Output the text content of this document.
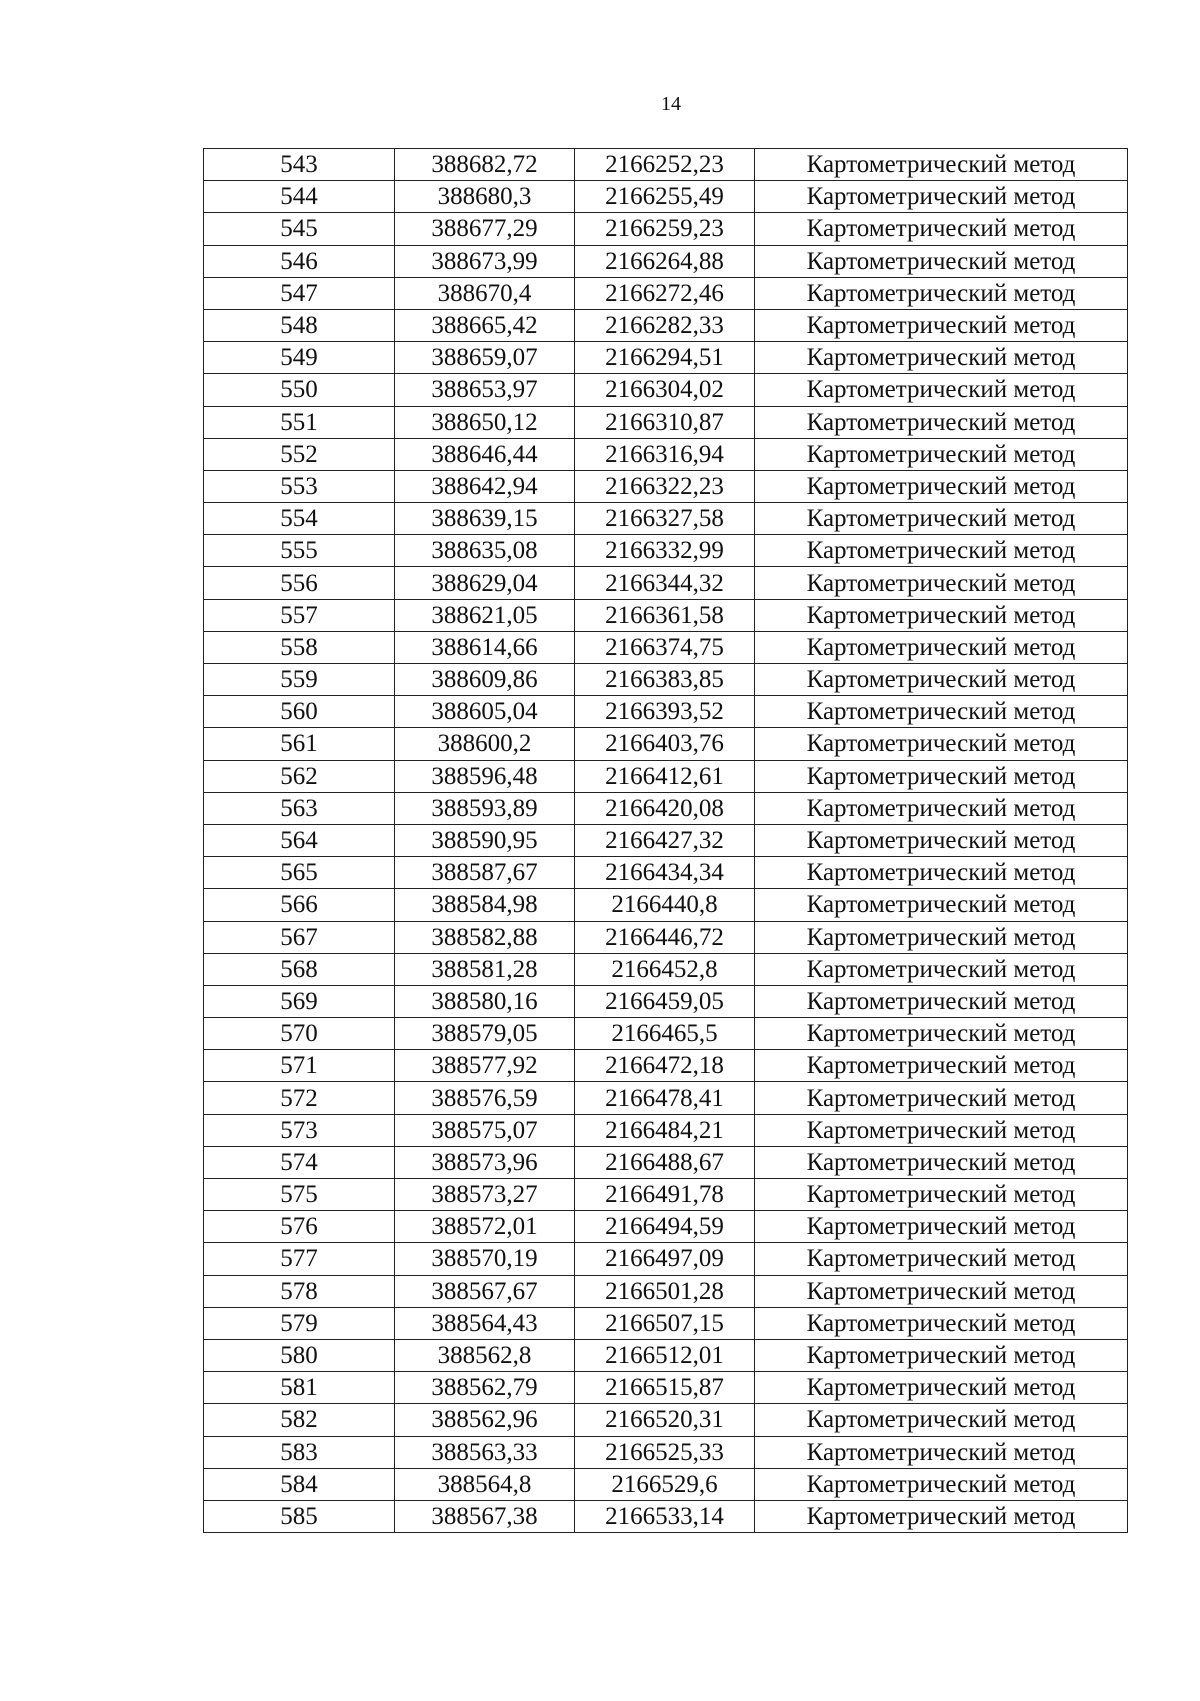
14
543	388682,72	2166252,23	Картометрический метод
544	388680,3	2166255,49	Картометрический метод
545	388677,29	2166259,23	Картометрический метод
546	388673,99	2166264,88	Картометрический метод
547	388670,4	2166272,46	Картометрический метод
548	388665,42	2166282,33	Картометрический метод
549	388659,07	2166294,51	Картометрический метод
550	388653,97	2166304,02	Картометрический метод
551	388650,12	2166310,87	Картометрический метод
552	388646,44	2166316,94	Картометрический метод
553	388642,94	2166322,23	Картометрический метод
554	388639,15	2166327,58	Картометрический метод
555	388635,08	2166332,99	Картометрический метод
556	388629,04	2166344,32	Картометрический метод
557	388621,05	2166361,58	Картометрический метод
558	388614,66	2166374,75	Картометрический метод
559	388609,86	2166383,85	Картометрический метод
560	388605,04	2166393,52	Картометрический метод
561	388600,2	2166403,76	Картометрический метод
562	388596,48	2166412,61	Картометрический метод
563	388593,89	2166420,08	Картометрический метод
564	388590,95	2166427,32	Картометрический метод
565	388587,67	2166434,34	Картометрический метод
566	388584,98	2166440,8	Картометрический метод
567	388582,88	2166446,72	Картометрический метод
568	388581,28	2166452,8	Картометрический метод
569	388580,16	2166459,05	Картометрический метод
570	388579,05	2166465,5	Картометрический метод
571	388577,92	2166472,18	Картометрический метод
572	388576,59	2166478,41	Картометрический метод
573	388575,07	2166484,21	Картометрический метод
574	388573,96	2166488,67	Картометрический метод
575	388573,27	2166491,78	Картометрический метод
576	388572,01	2166494,59	Картометрический метод
577	388570,19	2166497,09	Картометрический метод
578	388567,67	2166501,28	Картометрический метод
579	388564,43	2166507,15	Картометрический метод
580	388562,8	2166512,01	Картометрический метод
581	388562,79	2166515,87	Картометрический метод
582	388562,96	2166520,31	Картометрический метод
583	388563,33	2166525,33	Картометрический метод
584	388564,8	2166529,6	Картометрический метод
585	388567,38	2166533,14	Картометрический метод
